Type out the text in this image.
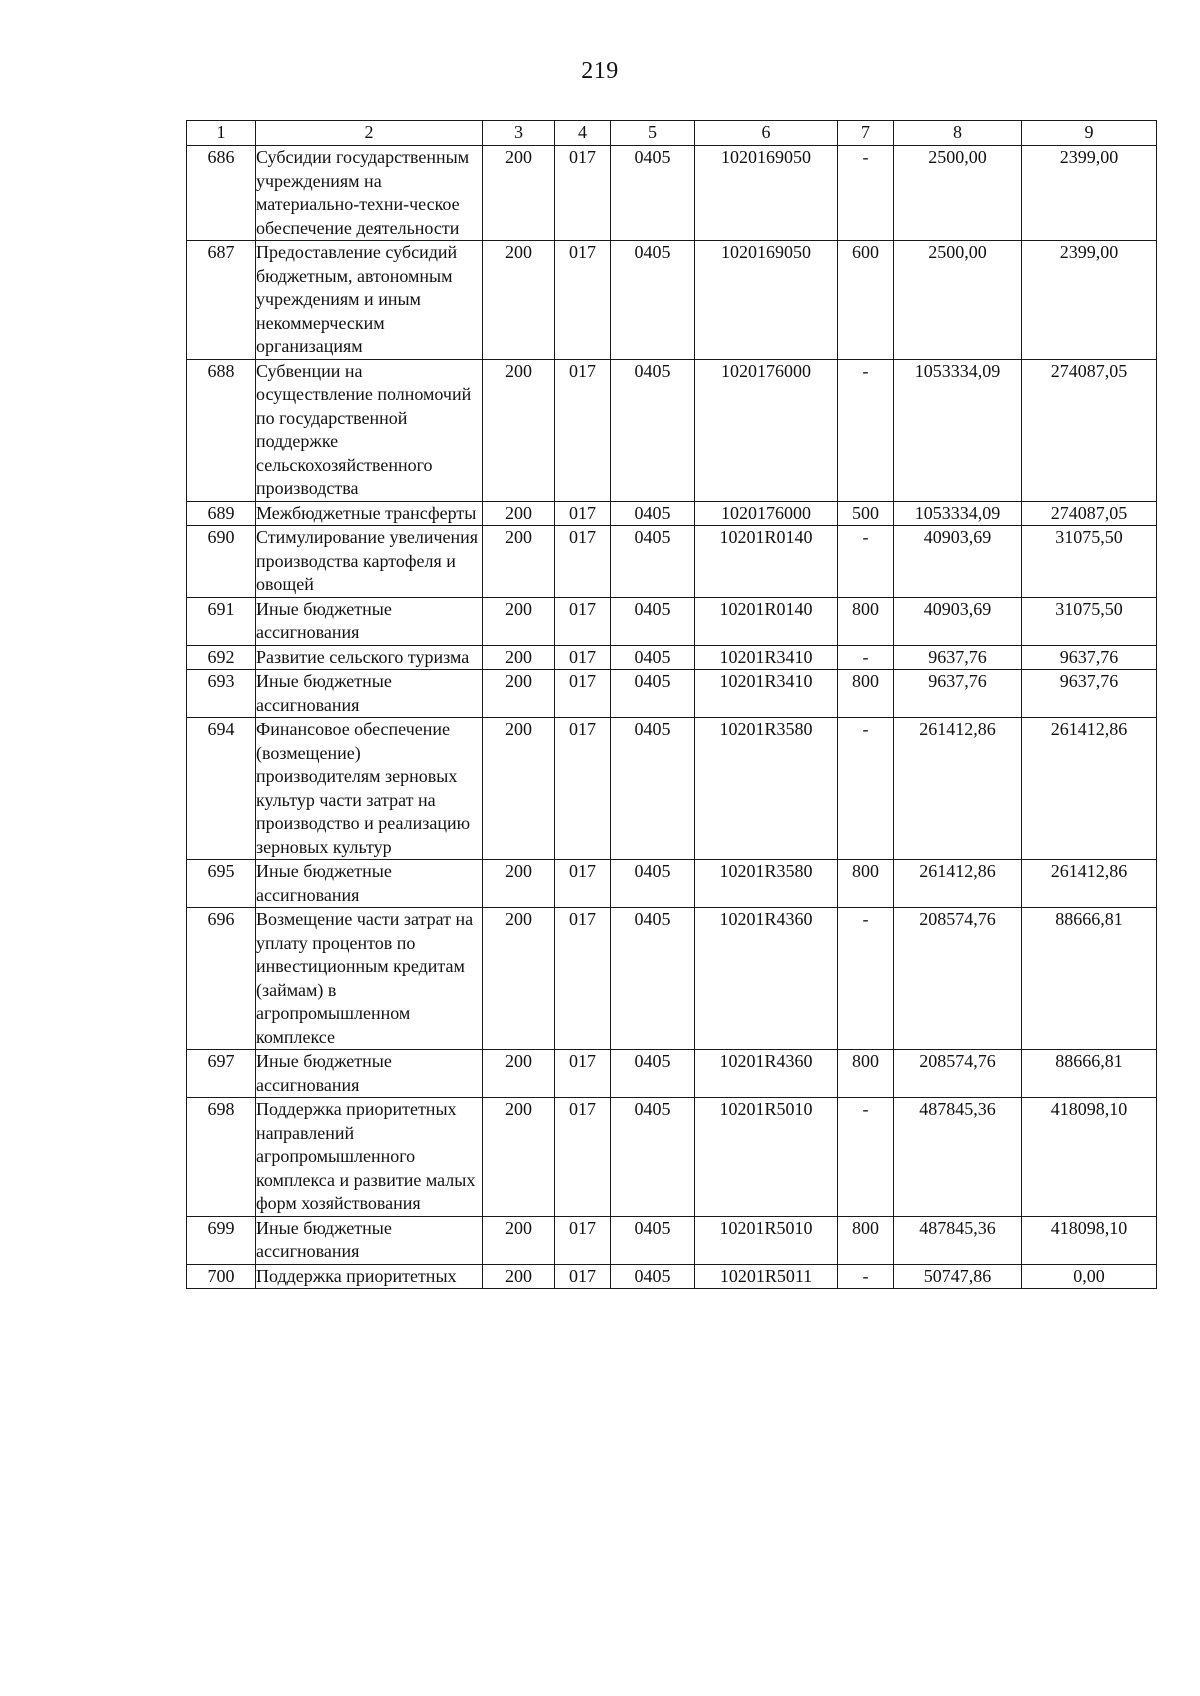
219
1	2	3	4	5	6	7	8	9
686	Субсидии государственным учреждениям на материально-техни-ческое обеспечение деятельности	200	017	0405	1020169050	-	2500,00	2399,00
687	Предоставление субсидий бюджетным, автономным учреждениям и иным некоммерческим организациям	200	017	0405	1020169050	600	2500,00	2399,00
688	Субвенции на осуществление полномочий по государственной поддержке сельскохозяйственного производства	200	017	0405	1020176000	-	1053334,09	274087,05
689	Межбюджетные трансферты	200	017	0405	1020176000	500	1053334,09	274087,05
690	Стимулирование увеличения производства картофеля и овощей	200	017	0405	10201R0140	-	40903,69	31075,50
691	Иные бюджетные ассигнования	200	017	0405	10201R0140	800	40903,69	31075,50
692	Развитие сельского туризма	200	017	0405	10201R3410	-	9637,76	9637,76
693	Иные бюджетные ассигнования	200	017	0405	10201R3410	800	9637,76	9637,76
694	Финансовое обеспечение (возмещение) производителям зерновых культур части затрат на производство и реализацию зерновых культур	200	017	0405	10201R3580	-	261412,86	261412,86
695	Иные бюджетные ассигнования	200	017	0405	10201R3580	800	261412,86	261412,86
696	Возмещение части затрат на уплату процентов по инвестиционным кредитам (займам) в агропромышленном комплексе	200	017	0405	10201R4360	-	208574,76	88666,81
697	Иные бюджетные ассигнования	200	017	0405	10201R4360	800	208574,76	88666,81
698	Поддержка приоритетных направлений агропромышленного комплекса и развитие малых форм хозяйствования	200	017	0405	10201R5010	-	487845,36	418098,10
699	Иные бюджетные ассигнования	200	017	0405	10201R5010	800	487845,36	418098,10
700	Поддержка приоритетных	200	017	0405	10201R5011	-	50747,86	0,00
